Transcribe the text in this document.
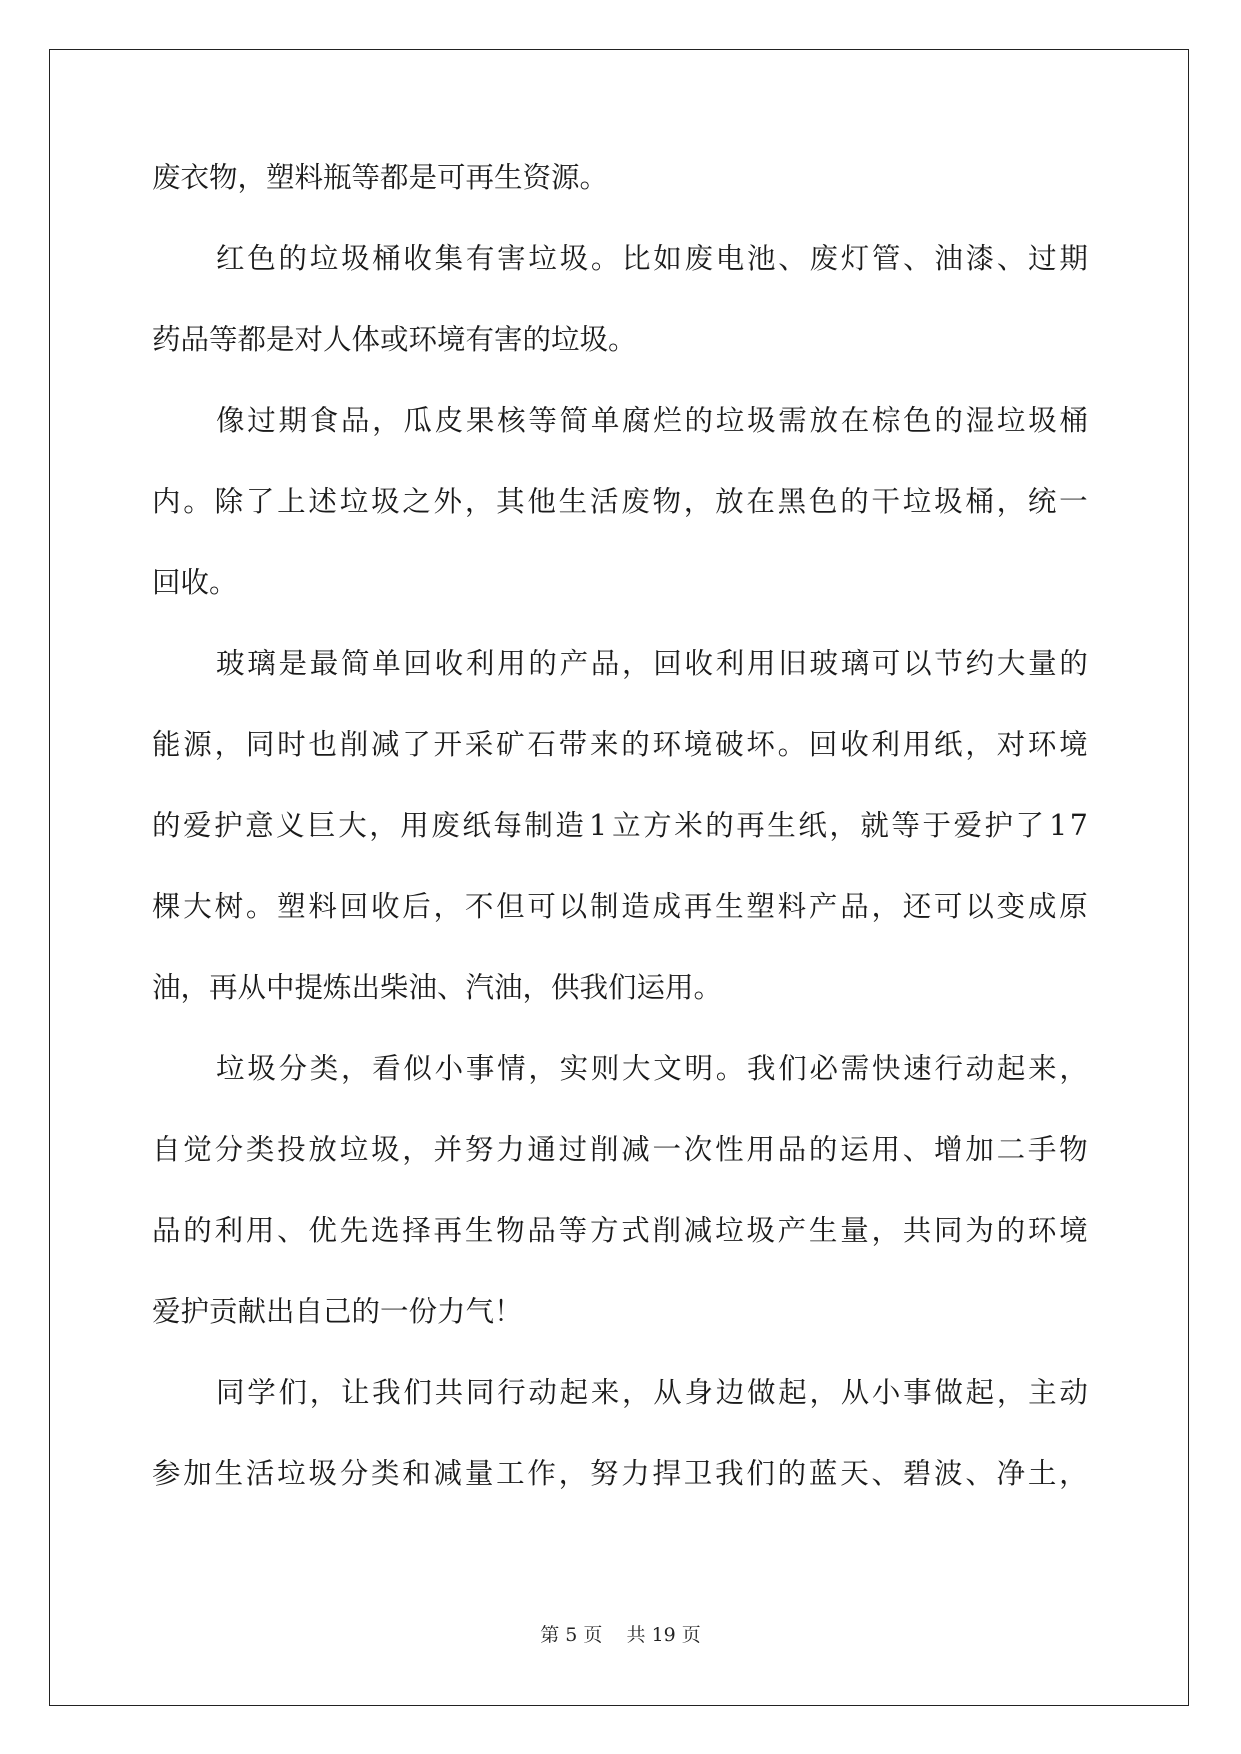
废衣物，塑料瓶等都是可再生资源。
红 色 的 垃 圾 桶 收 集 有 害 垃 圾 。 比 如 废 电 池 、 废 灯 管 、 油 漆 、 过 期
药品等都是对人体或环境有害的垃圾。
像 过 期 食 品 ， 瓜 皮 果 核 等 简 单 腐 烂 的 垃 圾 需 放 在 棕 色 的 湿 垃 圾 桶
内 。 除 了 上 述 垃 圾 之 外 ， 其 他 生 活 废 物 ， 放 在 黑 色 的 干 垃 圾 桶 ， 统 一
回收。
玻 璃 是 最 简 单 回 收 利 用 的 产 品 ， 回 收 利 用 旧 玻 璃 可 以 节 约 大 量 的
能 源 ， 同 时 也 削 减 了 开 采 矿 石 带 来 的 环 境 破 坏 。 回 收 利 用 纸 ， 对 环 境
的 爱 护 意 义 巨 大 ， 用 废 纸 每 制 造 1 立 方 米 的 再 生 纸 ， 就 等 于 爱 护 了 1 7
棵 大 树 。 塑 料 回 收 后 ， 不 但 可 以 制 造 成 再 生 塑 料 产 品 ， 还 可 以 变 成 原
油，再从中提炼出柴油、汽油，供我们运用。
垃 圾 分 类 ， 看 似 小 事 情 ， 实 则 大 文 明 。 我 们 必 需 快 速 行 动 起 来 ，
自 觉 分 类 投 放 垃 圾 ， 并 努 力 通 过 削 减 一 次 性 用 品 的 运 用 、 增 加 二 手 物
品 的 利 用 、 优 先 选 择 再 生 物 品 等 方 式 削 减 垃 圾 产 生 量 ， 共 同 为 的 环 境
爱护贡献出自己的一份力气！
同 学 们 ， 让 我 们 共 同 行 动 起 来 ， 从 身 边 做 起 ， 从 小 事 做 起 ， 主 动
参 加 生 活 垃 圾 分 类 和 减 量 工 作 ， 努 力 捍 卫 我 们 的 蓝 天 、 碧 波 、 净 土 ，
第 5 页    共 19 页
